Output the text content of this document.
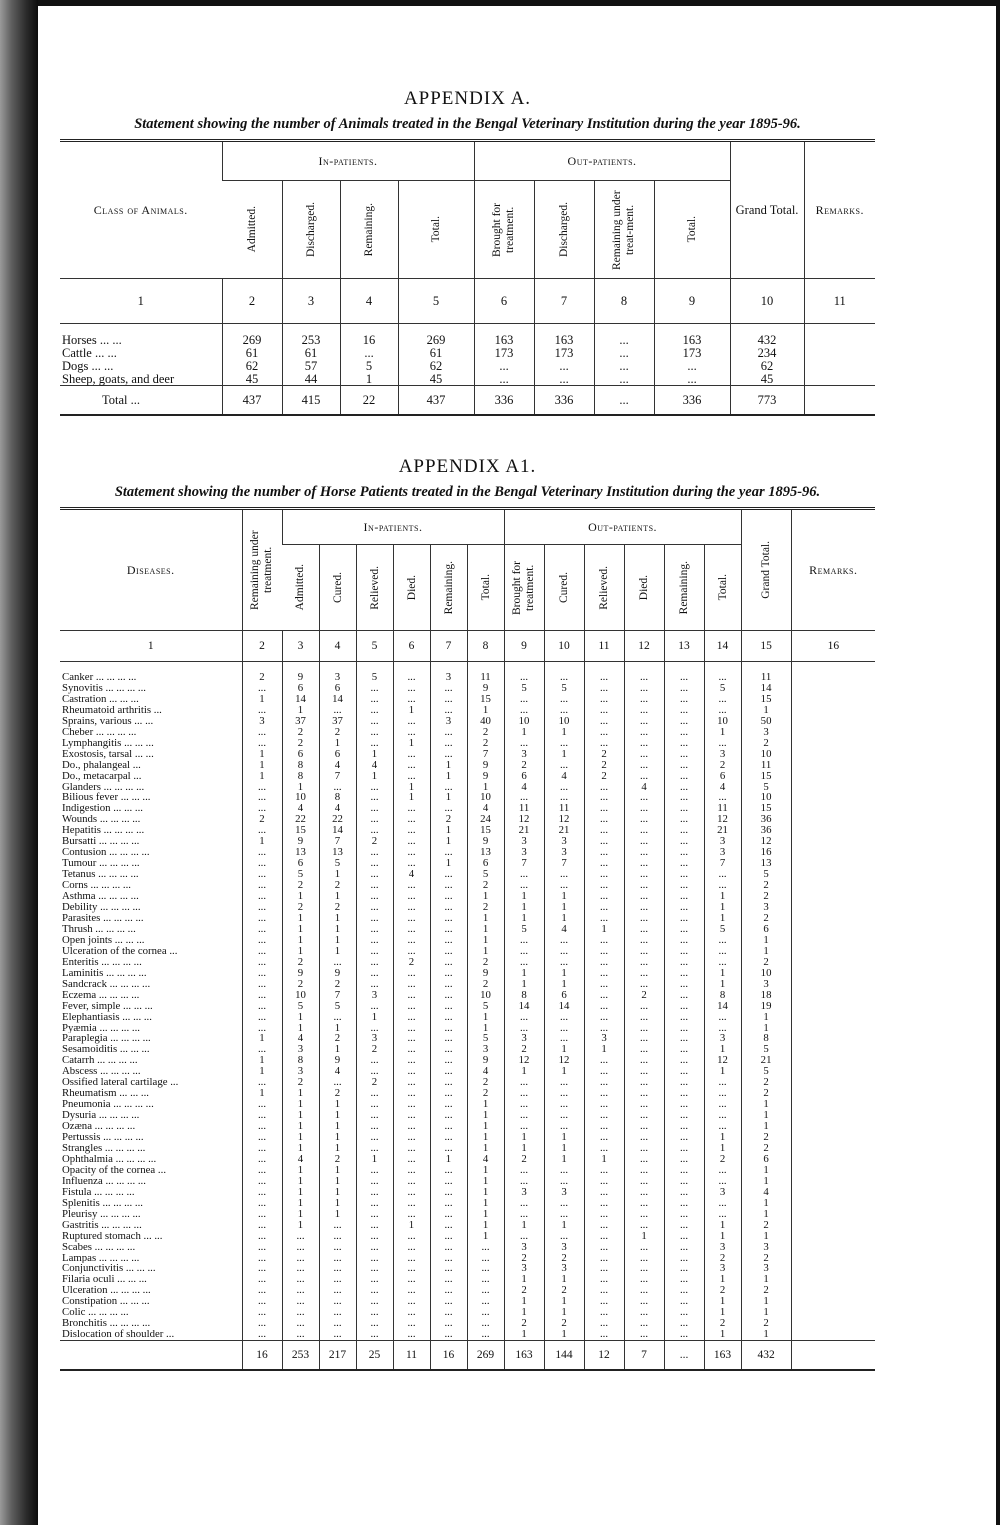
APPENDIX A.
Statement showing the number of Animals treated in the Bengal Veterinary Institution during the year 1895-96.
Class of Animals.	In-patients.				Out-patients.				Grand Total.	Remarks.

	Admitted.	Discharged.	Remaining.	Total.	Brought for treatment.	Discharged.	Remaining under treat-ment.	Total.		

1	2	3	4	5	6	7	8	9	10	11
Horses ... ...	269	253	16	269	163	163	...	163	432	
Cattle ... ...	61	61	...	61	173	173	...	173	234	
Dogs ... ...	62	57	5	62	...	...	...	...	62	
Sheep, goats, and deer	45	44	1	45	...	...	...	...	45	
Total ...	437	415	22	437	336	336	...	336	773	
APPENDIX A1.
Statement showing the number of Horse Patients treated in the Bengal Veterinary Institution during the year 1895-96.
Diseases.	Remaining under treatment.	In-patients.						Out-patients.						Grand Total.	Remarks.

		Admitted.	Cured.	Relieved.	Died.	Remaining.	Total.	Brought for treatment.	Cured.	Relieved.	Died.	Remaining.	Total.		

1	2	3	4	5	6	7	8	9	10	11	12	13	14	15	16
Canker ... ... ... ...	2	9	3	5	...	3	11	...	...	...	...	...	...	11	
Synovitis ... ... ... ...	...	6	6	...	...	...	9	5	5	...	...	...	5	14	
Castration ... ... ...	1	14	14	...	...	...	15	...	...	...	...	...	...	15	
Rheumatoid arthritis ...	...	1	...	...	1	...	1	...	...	...	...	...	...	1	
Sprains, various ... ...	3	37	37	...	...	3	40	10	10	...	...	...	10	50	
Cheber ... ... ... ...	...	2	2	...	...	...	2	1	1	...	...	...	1	3	
Lymphangitis ... ... ...	...	2	1	...	1	...	2	...	...	...	...	...	...	2	
Exostosis, tarsal ... ...	1	6	6	1	...	...	7	3	1	2	...	...	3	10	
Do., phalangeal ...	1	8	4	4	...	1	9	2	...	2	...	...	2	11	
Do., metacarpal ...	1	8	7	1	...	1	9	6	4	2	...	...	6	15	
Glanders ... ... ... ...	...	1	...	...	1	...	1	4	...	...	4	...	4	5	
Bilious fever ... ... ...	...	10	8	...	1	1	10	...	...	...	...	...	...	10	
Indigestion ... ... ...	...	4	4	...	...	...	4	11	11	...	...	...	11	15	
Wounds ... ... ... ...	2	22	22	...	...	2	24	12	12	...	...	...	12	36	
Hepatitis ... ... ... ...	...	15	14	...	...	1	15	21	21	...	...	...	21	36	
Bursatti ... ... ... ...	1	9	7	2	...	1	9	3	3	...	...	...	3	12	
Contusion ... ... ... ...	...	13	13	...	...	...	13	3	3	...	...	...	3	16	
Tumour ... ... ... ...	...	6	5	...	...	1	6	7	7	...	...	...	7	13	
Tetanus ... ... ... ...	...	5	1	...	4	...	5	...	...	...	...	...	...	5	
Corns ... ... ... ...	...	2	2	...	...	...	2	...	...	...	...	...	...	2	
Asthma ... ... ... ...	...	1	1	...	...	...	1	1	1	...	...	...	1	2	
Debility ... ... ... ...	...	2	2	...	...	...	2	1	1	...	...	...	1	3	
Parasites ... ... ... ...	...	1	1	...	...	...	1	1	1	...	...	...	1	2	
Thrush ... ... ... ...	...	1	1	...	...	...	1	5	4	1	...	...	5	6	
Open joints ... ... ...	...	1	1	...	...	...	1	...	...	...	...	...	...	1	
Ulceration of the cornea ...	...	1	1	...	...	...	1	...	...	...	...	...	...	1	
Enteritis ... ... ... ...	...	2	...	...	2	...	2	...	...	...	...	...	...	2	
Laminitis ... ... ... ...	...	9	9	...	...	...	9	1	1	...	...	...	1	10	
Sandcrack ... ... ... ...	...	2	2	...	...	...	2	1	1	...	...	...	1	3	
Eczema ... ... ... ...	...	10	7	3	...	...	10	8	6	...	2	...	8	18	
Fever, simple ... ... ...	...	5	5	...	...	...	5	14	14	...	...	...	14	19	
Elephantiasis ... ... ...	...	1	...	1	...	...	1	...	...	...	...	...	...	1	
Pyæmia ... ... ... ...	...	1	1	...	...	...	1	...	...	...	...	...	...	1	
Paraplegia ... ... ... ...	1	4	2	3	...	...	5	3	...	3	...	...	3	8	
Sesamoiditis ... ... ...	...	3	1	2	...	...	3	2	1	1	...	...	1	5	
Catarrh ... ... ... ...	1	8	9	...	...	...	9	12	12	...	...	...	12	21	
Abscess ... ... ... ...	1	3	4	...	...	...	4	1	1	...	...	...	1	5	
Ossified lateral cartilage ...	...	2	...	2	...	...	2	...	...	...	...	...	...	2	
Rheumatism ... ... ...	1	1	2	...	...	...	2	...	...	...	...	...	...	2	
Pneumonia ... ... ... ...	...	1	1	...	...	...	1	...	...	...	...	...	...	1	
Dysuria ... ... ... ...	...	1	1	...	...	...	1	...	...	...	...	...	...	1	
Ozæna ... ... ... ...	...	1	1	...	...	...	1	...	...	...	...	...	...	1	
Pertussis ... ... ... ...	...	1	1	...	...	...	1	1	1	...	...	...	1	2	
Strangles ... ... ... ...	...	1	1	...	...	...	1	1	1	...	...	...	1	2	
Ophthalmia ... ... ... ...	...	4	2	1	...	1	4	2	1	1	...	...	2	6	
Opacity of the cornea ...	...	1	1	...	...	...	1	...	...	...	...	...	...	1	
Influenza ... ... ... ...	...	1	1	...	...	...	1	...	...	...	...	...	...	1	
Fistula ... ... ... ...	...	1	1	...	...	...	1	3	3	...	...	...	3	4	
Splenitis ... ... ... ...	...	1	1	...	...	...	1	...	...	...	...	...	...	1	
Pleurisy ... ... ... ...	...	1	1	...	...	...	1	...	...	...	...	...	...	1	
Gastritis ... ... ... ...	...	1	...	...	1	...	1	1	1	...	...	...	1	2	
Ruptured stomach ... ...	...	...	...	...	...	...	1	...	...	...	1	...	1	1	
Scabes ... ... ... ...	...	...	...	...	...	...	...	3	3	...	...	...	3	3	
Lampas ... ... ... ...	...	...	...	...	...	...	...	2	2	...	...	...	2	2	
Conjunctivitis ... ... ...	...	...	...	...	...	...	...	3	3	...	...	...	3	3	
Filaria oculi ... ... ...	...	...	...	...	...	...	...	1	1	...	...	...	1	1	
Ulceration ... ... ... ...	...	...	...	...	...	...	...	2	2	...	...	...	2	2	
Constipation ... ... ...	...	...	...	...	...	...	...	1	1	...	...	...	1	1	
Colic ... ... ... ...	...	...	...	...	...	...	...	1	1	...	...	...	1	1	
Bronchitis ... ... ... ...	...	...	...	...	...	...	...	2	2	...	...	...	2	2	
Dislocation of shoulder ...	...	...	...	...	...	...	...	1	1	...	...	...	1	1	
	16	253	217	25	11	16	269	163	144	12	7	...	163	432	
